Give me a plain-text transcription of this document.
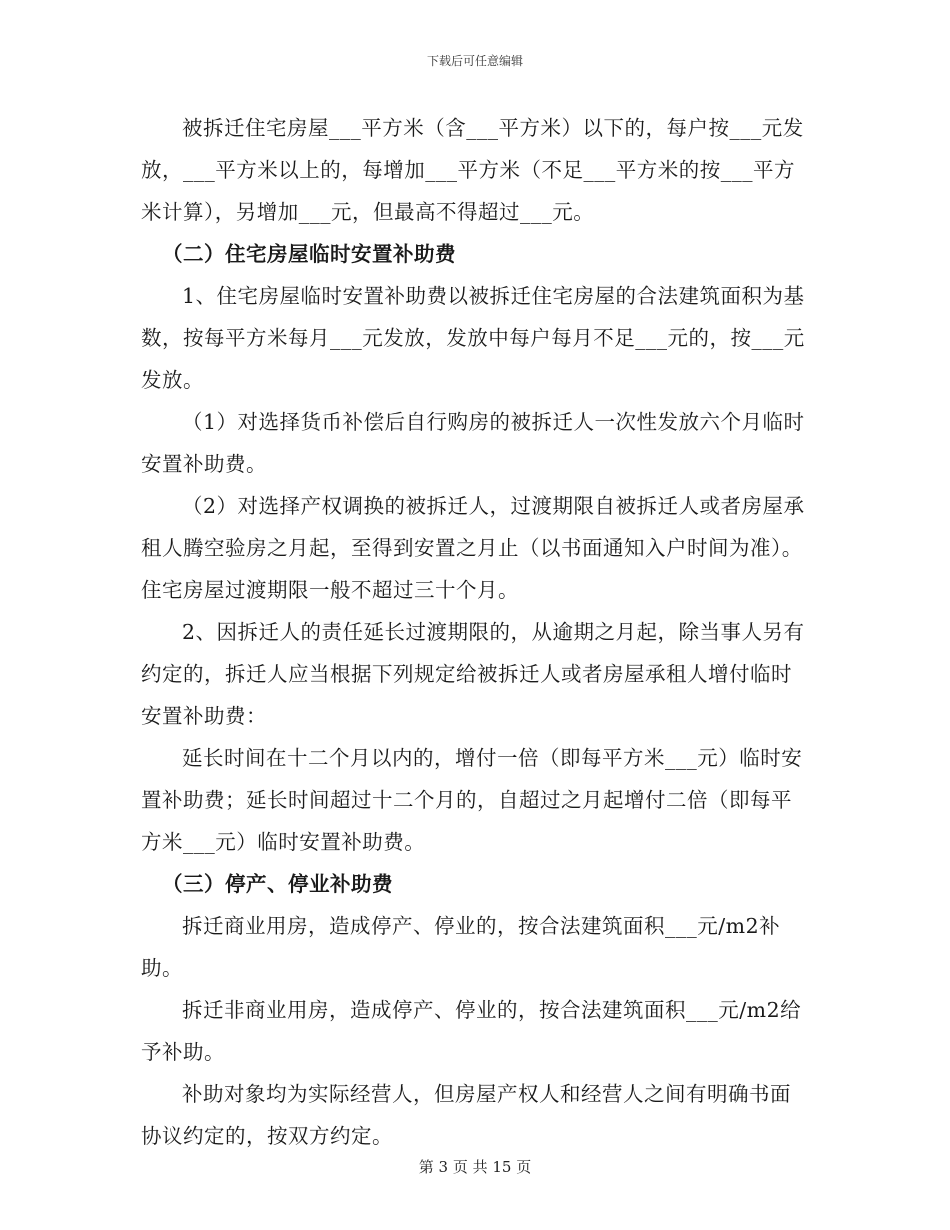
下载后可任意编辑

被拆迁住宅房屋___平方米（含___平方米）以下的，每户按___元发放，___平方米以上的，每增加___平方米（不足___平方米的按___平方米计算），另增加___元，但最高不得超过___元。

（二）住宅房屋临时安置补助费

1、住宅房屋临时安置补助费以被拆迁住宅房屋的合法建筑面积为基数，按每平方米每月___元发放，发放中每户每月不足___元的，按___元发放。

（1）对选择货币补偿后自行购房的被拆迁人一次性发放六个月临时安置补助费。

（2）对选择产权调换的被拆迁人，过渡期限自被拆迁人或者房屋承租人腾空验房之月起，至得到安置之月止（以书面通知入户时间为准）。住宅房屋过渡期限一般不超过三十个月。

2、因拆迁人的责任延长过渡期限的，从逾期之月起，除当事人另有约定的，拆迁人应当根据下列规定给被拆迁人或者房屋承租人增付临时安置补助费：

延长时间在十二个月以内的，增付一倍（即每平方米___元）临时安置补助费；延长时间超过十二个月的，自超过之月起增付二倍（即每平方米___元）临时安置补助费。

（三）停产、停业补助费

拆迁商业用房，造成停产、停业的，按合法建筑面积___元/m2补助。

拆迁非商业用房，造成停产、停业的，按合法建筑面积___元/m2给予补助。

补助对象均为实际经营人，但房屋产权人和经营人之间有明确书面协议约定的，按双方约定。

第 3 页 共 15 页
